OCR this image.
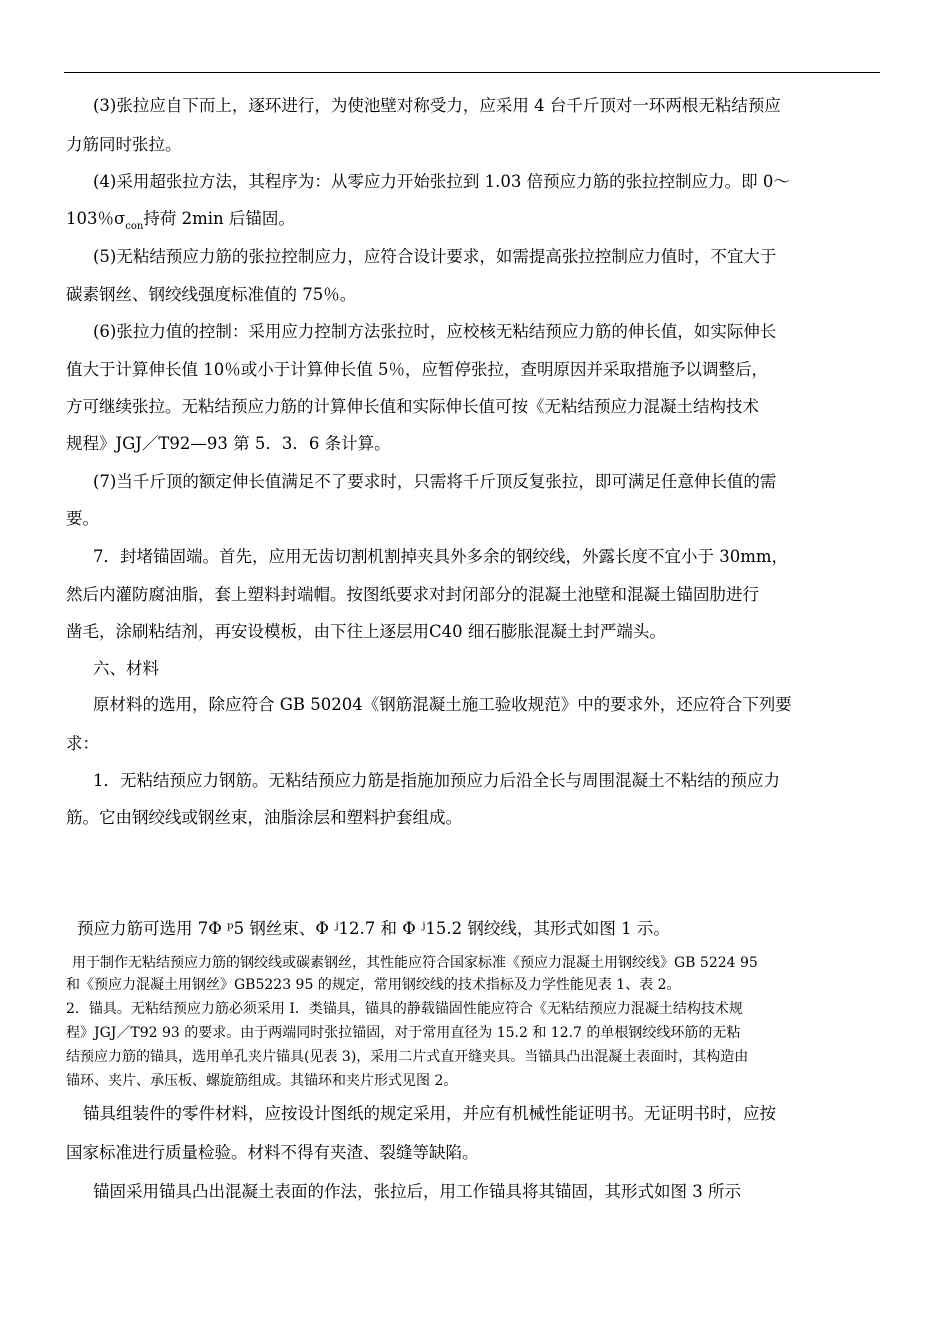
(3)张拉应自下而上，逐环进行，为使池壁对称受力，应采用 4 台千斤顶对一环两根无粘结预应
力筋同时张拉。
(4)采用超张拉方法，其程序为：从零应力开始张拉到 1.03 倍预应力筋的张拉控制应力。即 0～
103％$\sigma_{con}$持荷 2min 后锚固。
(5)无粘结预应力筋的张拉控制应力，应符合设计要求，如需提高张拉控制应力值时，不宜大于
碳素钢丝、钢绞线强度标准值的 75％。
(6)张拉力值的控制：采用应力控制方法张拉时，应校核无粘结预应力筋的伸长值，如实际伸长
值大于计算伸长值 10％或小于计算伸长值 5％，应暂停张拉，查明原因并采取措施予以调整后，
方可继续张拉。无粘结预应力筋的计算伸长值和实际伸长值可按《无粘结预应力混凝土结构技术
规程》JGJ／T92—93 第 5．3．6 条计算。
(7)当千斤顶的额定伸长值满足不了要求时，只需将千斤顶反复张拉，即可满足任意伸长值的需
要。
7．封堵锚固端。首先，应用无齿切割机割掉夹具外多余的钢绞线，外露长度不宜小于 30mm，
然后内灌防腐油脂，套上塑料封端帽。按图纸要求对封闭部分的混凝土池壁和混凝土锚固肋进行
凿毛，涂刷粘结剂，再安设模板，由下往上逐层用C40 细石膨胀混凝土封严端头。
六、材料
原材料的选用，除应符合 GB 50204《钢筋混凝土施工验收规范》中的要求外，还应符合下列要
求：
1．无粘结预应力钢筋。无粘结预应力筋是指施加预应力后沿全长与周围混凝土不粘结的预应力
筋。它由钢绞线或钢丝束，油脂涂层和塑料护套组成。
预应力筋可选用 7Φ ᵖ5 钢丝束、Φ ʲ12.7 和 Φ ʲ15.2 钢绞线，其形式如图 1 示。
用于制作无粘结预应力筋的钢绞线或碳素钢丝，其性能应符合国家标准《预应力混凝土用钢绞线》GB 5224 95
和《预应力混凝土用钢丝》GB5223 95 的规定，常用钢绞线的技术指标及力学性能见表 1、表 2。
2．锚具。无粘结预应力筋必须采用 I．类锚具，锚具的静载锚固性能应符合《无粘结预应力混凝土结构技术规
程》JGJ／T92 93 的要求。由于两端同时张拉锚固，对于常用直径为 15.2 和 12.7 的单根钢绞线环筋的无粘
结预应力筋的锚具，选用单孔夹片锚具(见表 3)，采用二片式直开缝夹具。当锚具凸出混凝土表面时，其构造由
锚环、夹片、承压板、螺旋筋组成。其锚环和夹片形式见图 2。
锚具组装件的零件材料，应按设计图纸的规定采用，并应有机械性能证明书。无证明书时，应按
国家标准进行质量检验。材料不得有夹渣、裂缝等缺陷。
锚固采用锚具凸出混凝土表面的作法，张拉后，用工作锚具将其锚固，其形式如图 3 所示
